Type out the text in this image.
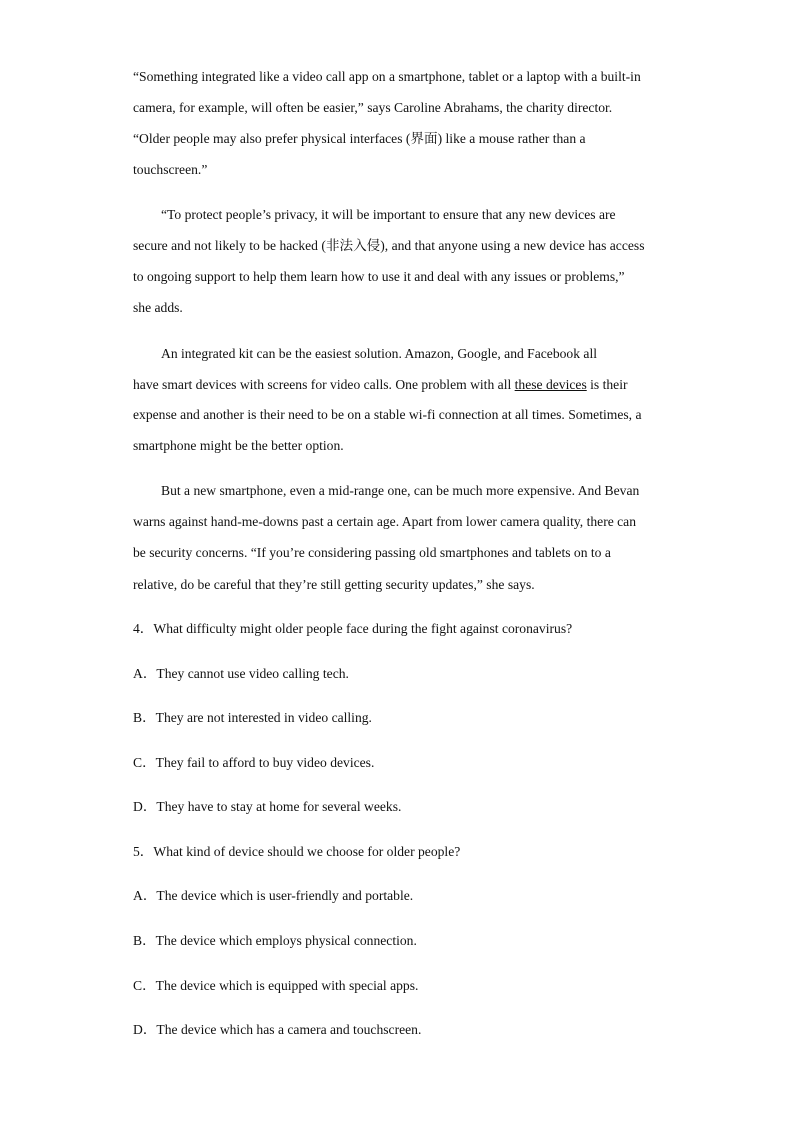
“Something integrated like a video call app on a smartphone, tablet or a laptop with a built-in
camera, for example, will often be easier,” says Caroline Abrahams, the charity director.
“Older people may also prefer physical interfaces (界面) like a mouse rather than a
touchscreen.”
“To protect people’s privacy, it will be important to ensure that any new devices are
secure and not likely to be hacked (非法入侵), and that anyone using a new device has access
to ongoing support to help them learn how to use it and deal with any issues or problems,”
she adds.
An integrated kit can be the easiest solution. Amazon, Google, and Facebook all
have smart devices with screens for video calls. One problem with all these devices is their
expense and another is their need to be on a stable wi-fi connection at all times. Sometimes, a
smartphone might be the better option.
But a new smartphone, even a mid-range one, can be much more expensive. And Bevan
warns against hand-me-downs past a certain age. Apart from lower camera quality, there can
be security concerns. “If you’re considering passing old smartphones and tablets on to a
relative, do be careful that they’re still getting security updates,” she says.
4．What difficulty might older people face during the fight against coronavirus?
A．They cannot use video calling tech.
B．They are not interested in video calling.
C．They fail to afford to buy video devices.
D．They have to stay at home for several weeks.
5．What kind of device should we choose for older people?
A．The device which is user-friendly and portable.
B．The device which employs physical connection.
C．The device which is equipped with special apps.
D．The device which has a camera and touchscreen.
